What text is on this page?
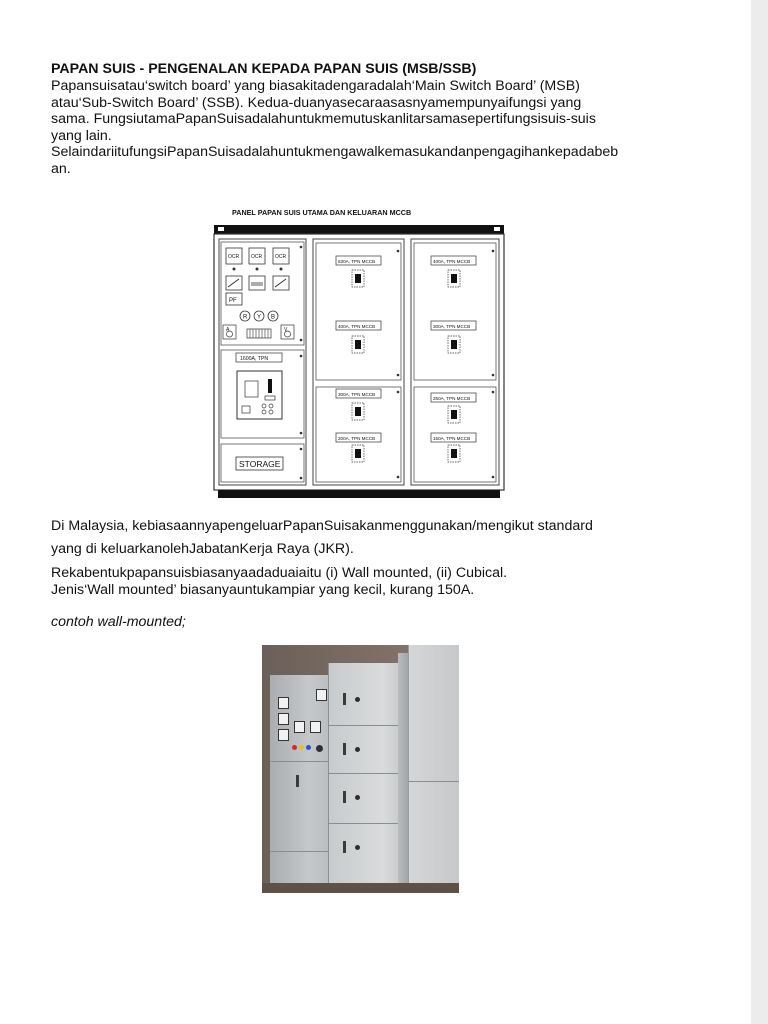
PAPAN SUIS - PENGENALAN KEPADA PAPAN SUIS (MSB/SSB)
Papansuisatau‘switch board’ yang biasakitadengaradalah‘Main Switch Board’ (MSB)
atau‘Sub-Switch Board’ (SSB). Kedua-duanyasecaraasasnyamempunyaifungsi yang
sama. FungsiutamaPapanSuisadalahuntukmemutuskanlitarsamasepertifungsisuis-suis
yang lain.
SelaindariitufungsiPapanSuisadalahuntukmengawalkemasukandanpengagihankepadabeb
an.
PANEL PAPAN SUIS UTAMA DAN KELUARAN MCCB
OCR OCR	OCR
PF
R Y B
A	V
1600A, TPN
STORAGE
630A, TPN MCCB
400A, TPN MCCB
300A, TPN MCCB
200A, TPN MCCB
300A, TPN MCCB
400A, TPN MCCB
250A, TPN MCCB
150A, TPN MCCB
Di Malaysia, kebiasaannyapengeluarPapanSuisakanmenggunakan/mengikut standard
yang di keluarkanolehJabatanKerja Raya (JKR).
Rekabentukpapansuisbiasanyaadaduaiaitu (i) Wall mounted, (ii) Cubical.
Jenis‘Wall mounted’ biasanyauntukampiar yang kecil, kurang 150A.
contoh wall-mounted;
